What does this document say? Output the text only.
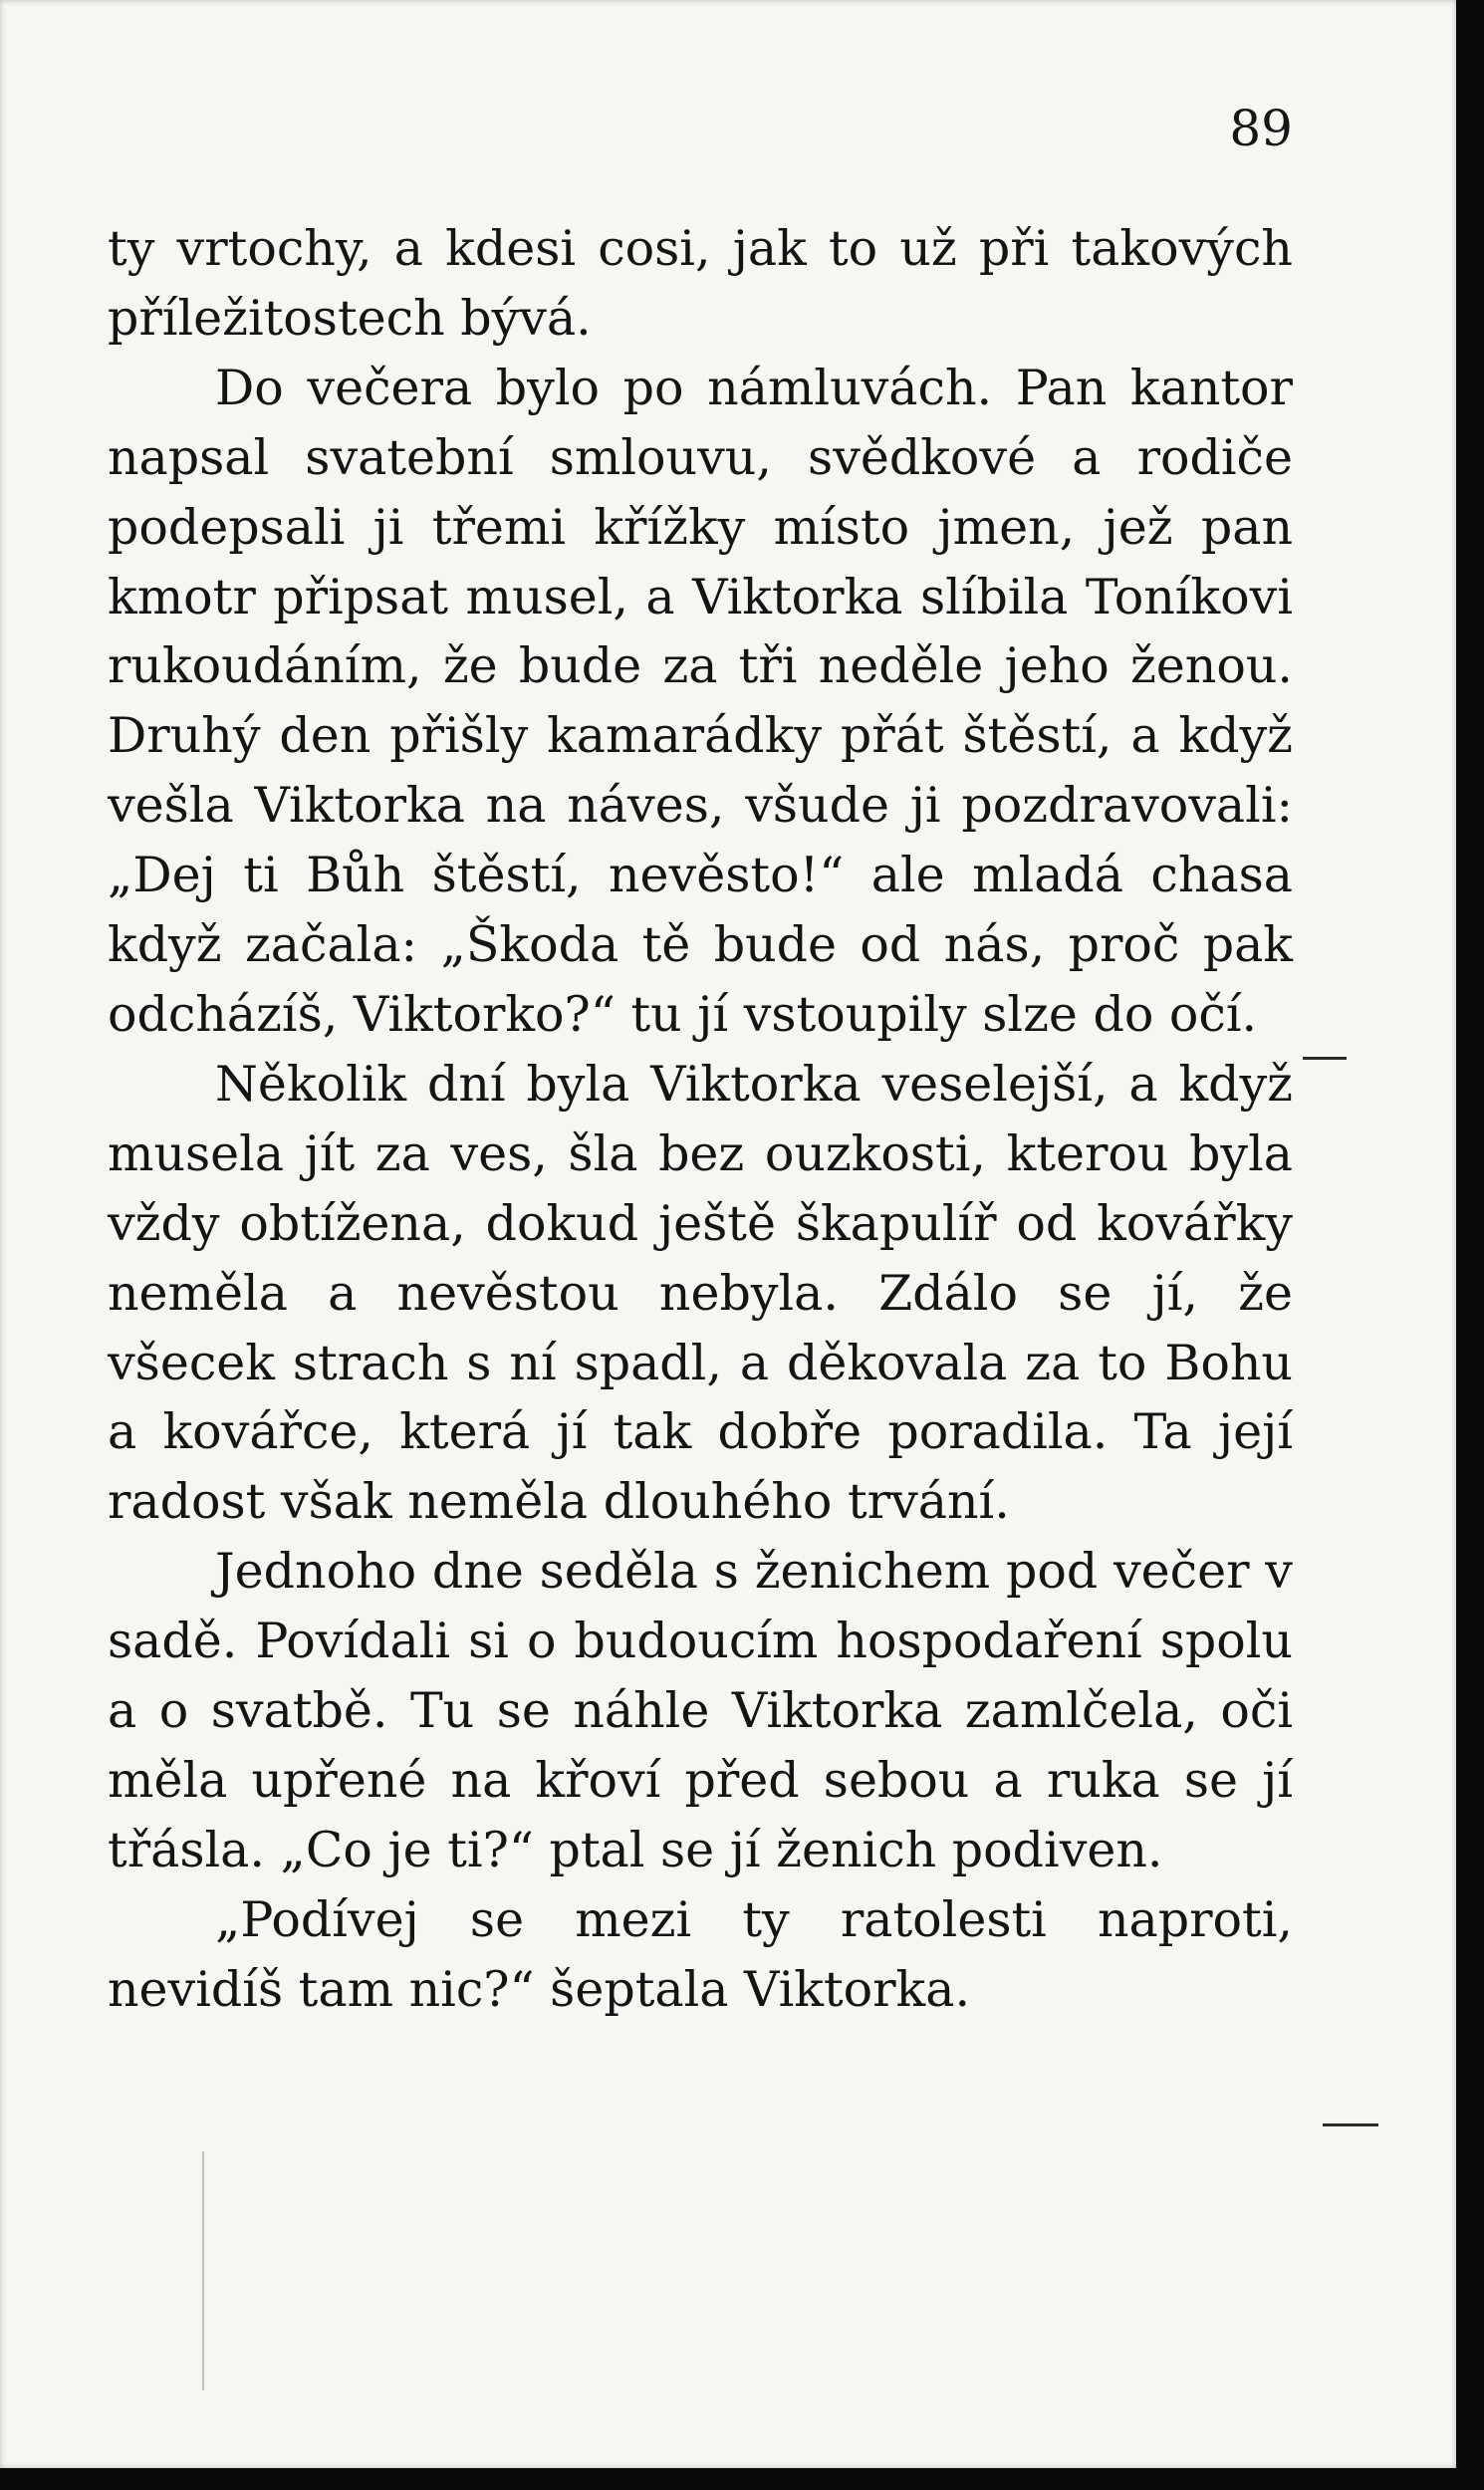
89

ty vrtochy, a kdesi cosi, jak to už při takových příležitostech bývá.

Do večera bylo po námluvách. Pan kantor napsal svatební smlouvu, svědkové a rodiče podepsali ji třemi křížky místo jmen, jež pan kmotr připsat musel, a Viktorka slíbila Toníkovi rukoudáním, že bude za tři neděle jeho ženou. Druhý den přišly kamarádky přát štěstí, a když vešla Viktorka na náves, všude ji pozdravovali: „Dej ti Bůh štěstí, nevěsto!“ ale mladá chasa když začala: „Škoda tě bude od nás, proč pak odcházíš, Viktorko?“ tu jí vstoupily slze do očí.

Několik dní byla Viktorka veselejší, a když musela jít za ves, šla bez ouzkosti, kterou byla vždy obtížena, dokud ještě škapulíř od kovářky neměla a nevěstou nebyla. Zdálo se jí, že všecek strach s ní spadl, a děkovala za to Bohu a kovářce, která jí tak dobře poradila. Ta její radost však neměla dlouhého trvání.

Jednoho dne seděla s ženichem pod večer v sadě. Povídali si o budoucím hospodaření spolu a o svatbě. Tu se náhle Viktorka zamlčela, oči měla upřené na křoví před sebou a ruka se jí třásla. „Co je ti?“ ptal se jí ženich podiven.

„Podívej se mezi ty ratolesti naproti, nevidíš tam nic?“ šeptala Viktorka.
